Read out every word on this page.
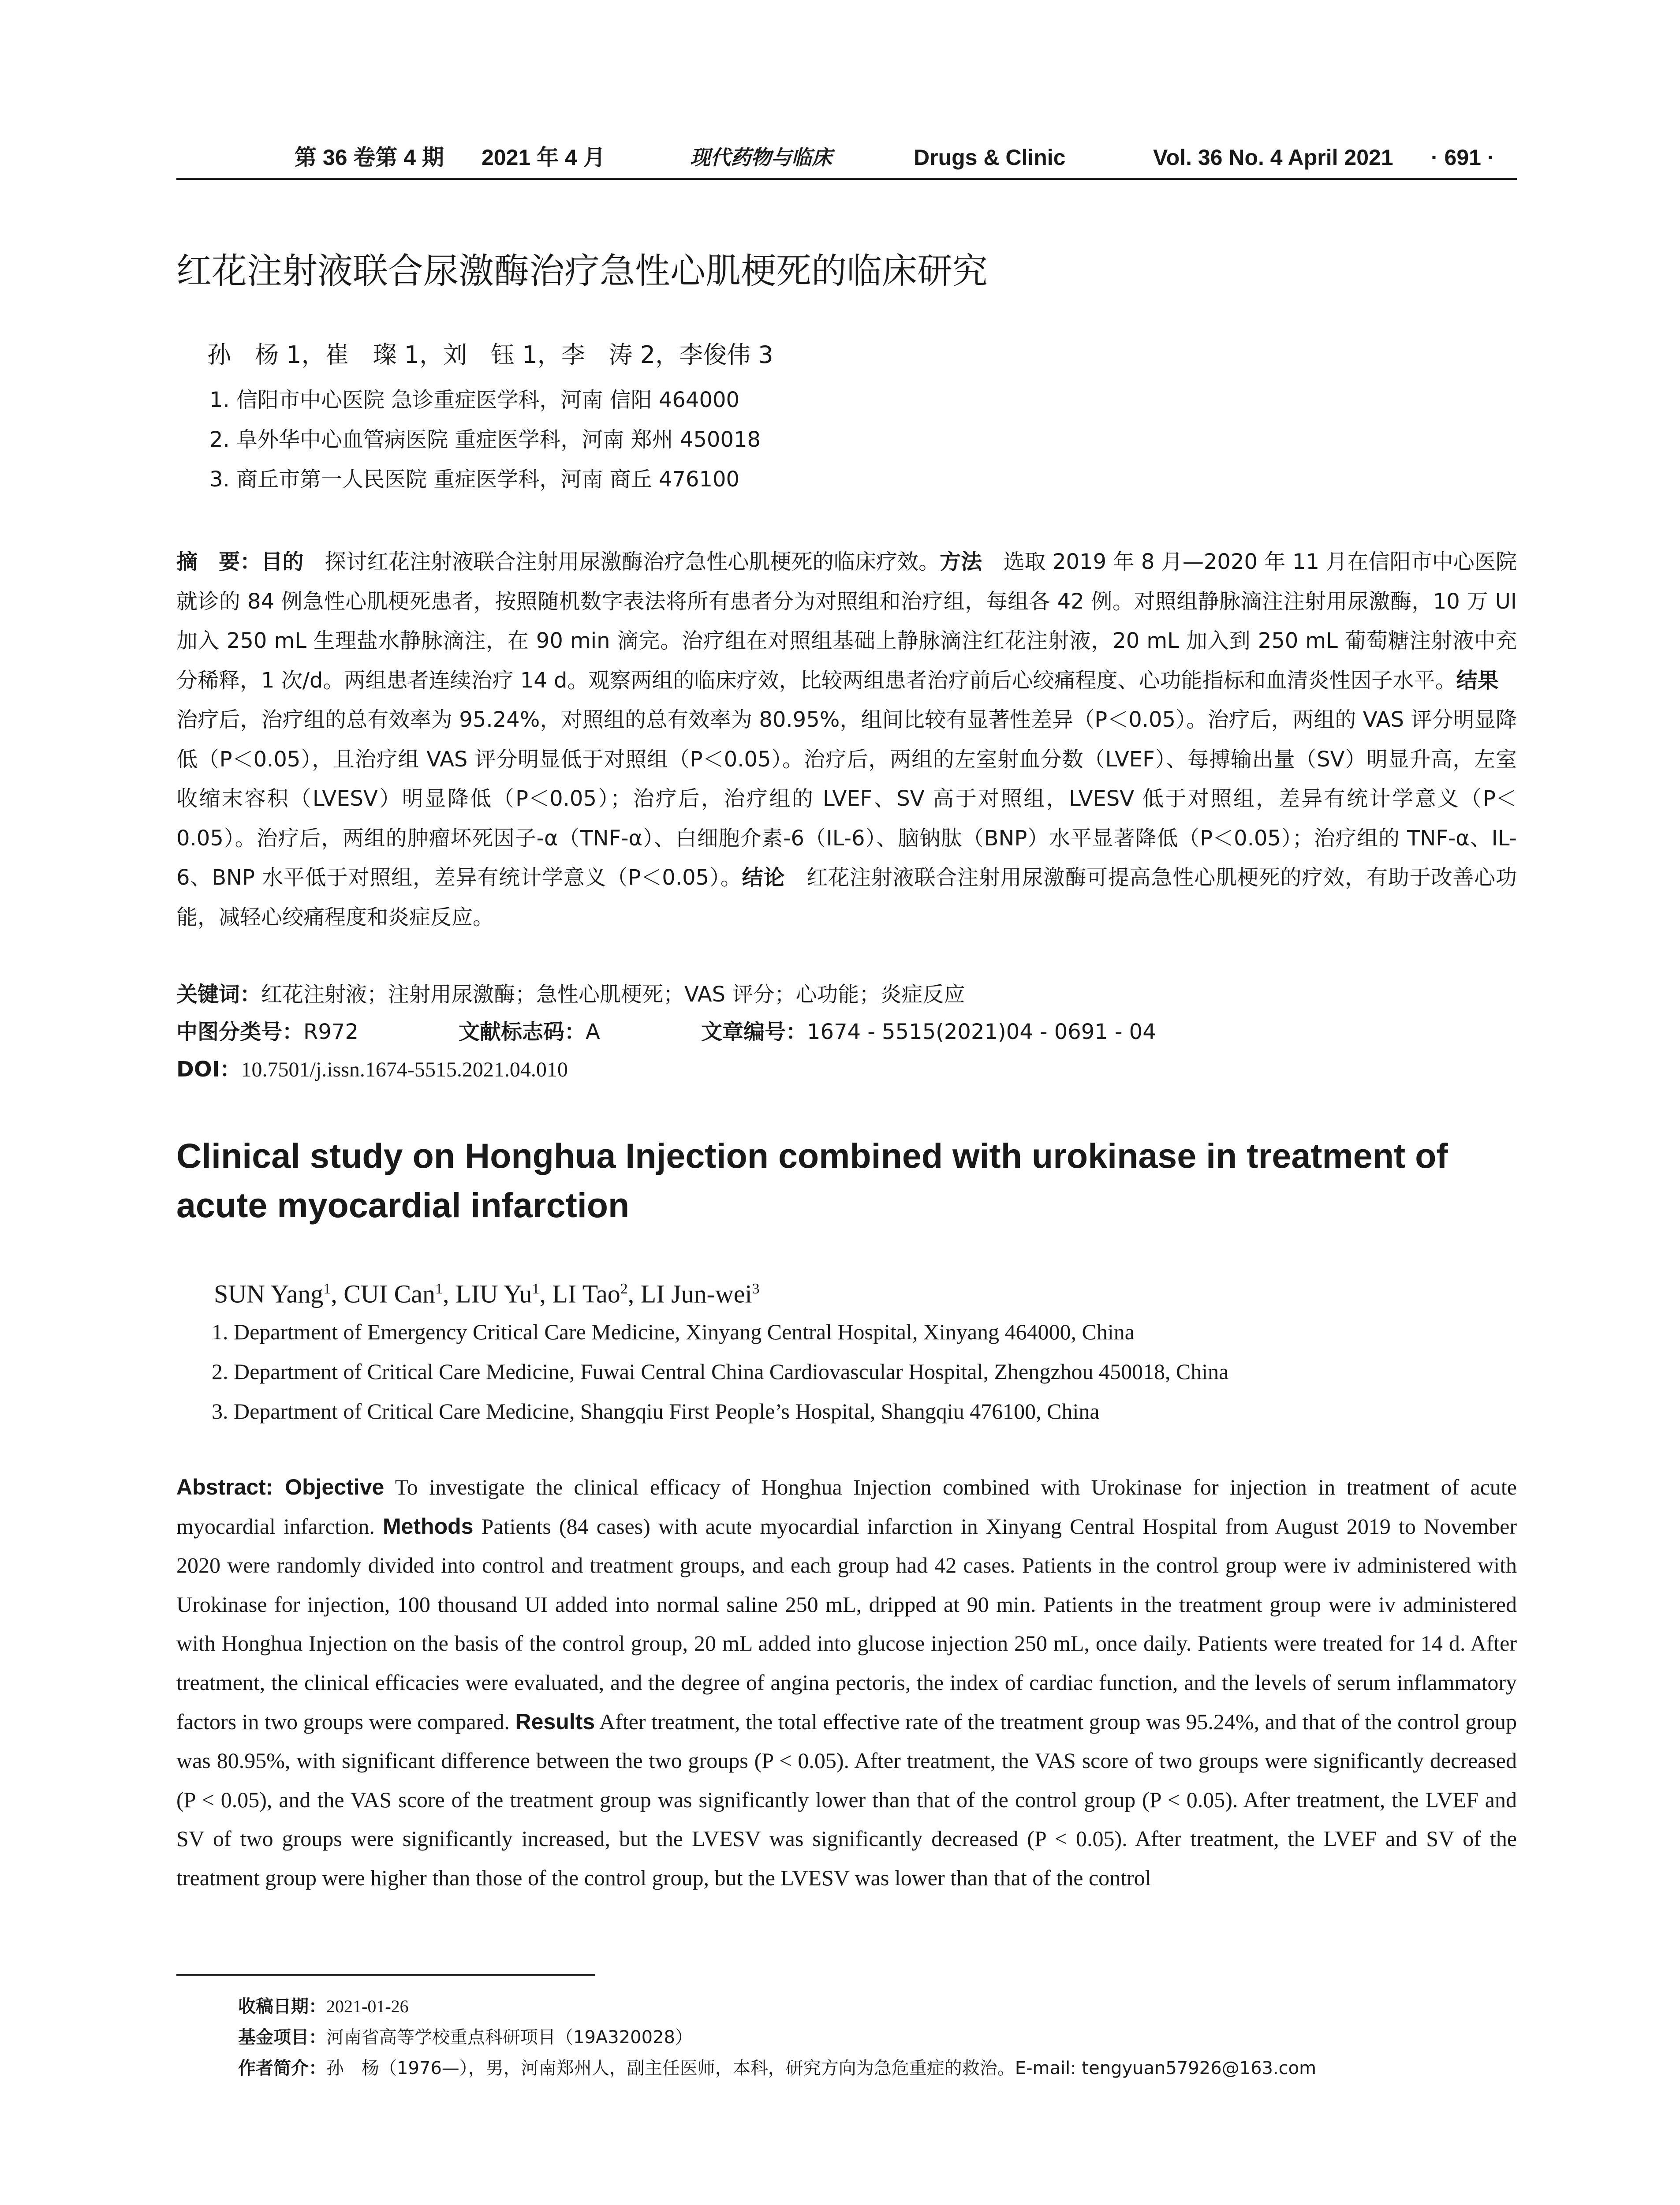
第 36 卷第 4 期 2021 年 4 月	现代药物与临床	Drugs & Clinic	Vol. 36 No. 4 April 2021 · 691 ·
红花注射液联合尿激酶治疗急性心肌梗死的临床研究
孙　杨 1，崔　璨 1，刘　钰 1，李　涛 2，李俊伟 3
1. 信阳市中心医院 急诊重症医学科，河南 信阳 464000
2. 阜外华中心血管病医院 重症医学科，河南 郑州 450018
3. 商丘市第一人民医院 重症医学科，河南 商丘 476100
摘　要：目的　探讨红花注射液联合注射用尿激酶治疗急性心肌梗死的临床疗效。方法　选取 2019 年 8 月—2020 年 11 月在信阳市中心医院就诊的 84 例急性心肌梗死患者，按照随机数字表法将所有患者分为对照组和治疗组，每组各 42 例。对照组静脉滴注注射用尿激酶，10 万 UI 加入 250 mL 生理盐水静脉滴注，在 90 min 滴完。治疗组在对照组基础上静脉滴注红花注射液，20 mL 加入到 250 mL 葡萄糖注射液中充分稀释，1 次/d。两组患者连续治疗 14 d。观察两组的临床疗效，比较两组患者治疗前后心绞痛程度、心功能指标和血清炎性因子水平。结果　治疗后，治疗组的总有效率为 95.24%，对照组的总有效率为 80.95%，组间比较有显著性差异（P＜0.05）。治疗后，两组的 VAS 评分明显降低（P＜0.05），且治疗组 VAS 评分明显低于对照组（P＜0.05）。治疗后，两组的左室射血分数（LVEF）、每搏输出量（SV）明显升高，左室收缩末容积（LVESV）明显降低（P＜0.05）；治疗后，治疗组的 LVEF、SV 高于对照组，LVESV 低于对照组，差异有统计学意义（P＜0.05）。治疗后，两组的肿瘤坏死因子-α（TNF-α）、白细胞介素-6（IL-6）、脑钠肽（BNP）水平显著降低（P＜0.05）；治疗组的 TNF-α、IL-6、BNP 水平低于对照组，差异有统计学意义（P＜0.05）。结论　红花注射液联合注射用尿激酶可提高急性心肌梗死的疗效，有助于改善心功能，减轻心绞痛程度和炎症反应。
关键词：红花注射液；注射用尿激酶；急性心肌梗死；VAS 评分；心功能；炎症反应
中图分类号：R972	文献标志码：A	文章编号：1674 - 5515(2021)04 - 0691 - 04
DOI：10.7501/j.issn.1674-5515.2021.04.010
Clinical study on Honghua Injection combined with urokinase in treatment of acute myocardial infarction
SUN Yang$^1$, CUI Can$^1$, LIU Yu$^1$, LI Tao$^2$, LI Jun-wei$^3$
1. Department of Emergency Critical Care Medicine, Xinyang Central Hospital, Xinyang 464000, China
2. Department of Critical Care Medicine, Fuwai Central China Cardiovascular Hospital, Zhengzhou 450018, China
3. Department of Critical Care Medicine, Shangqiu First People’s Hospital, Shangqiu 476100, China
Abstract: Objective To investigate the clinical efficacy of Honghua Injection combined with Urokinase for injection in treatment of acute myocardial infarction. Methods Patients (84 cases) with acute myocardial infarction in Xinyang Central Hospital from August 2019 to November 2020 were randomly divided into control and treatment groups, and each group had 42 cases. Patients in the control group were iv administered with Urokinase for injection, 100 thousand UI added into normal saline 250 mL, dripped at 90 min. Patients in the treatment group were iv administered with Honghua Injection on the basis of the control group, 20 mL added into glucose injection 250 mL, once daily. Patients were treated for 14 d. After treatment, the clinical efficacies were evaluated, and the degree of angina pectoris, the index of cardiac function, and the levels of serum inflammatory factors in two groups were compared. Results After treatment, the total effective rate of the treatment group was 95.24%, and that of the control group was 80.95%, with significant difference between the two groups (P < 0.05). After treatment, the VAS score of two groups were significantly decreased (P < 0.05), and the VAS score of the treatment group was significantly lower than that of the control group (P < 0.05). After treatment, the LVEF and SV of two groups were significantly increased, but the LVESV was significantly decreased (P < 0.05). After treatment, the LVEF and SV of the treatment group were higher than those of the control group, but the LVESV was lower than that of the control
收稿日期：2021-01-26
基金项目：河南省高等学校重点科研项目（19A320028）
作者简介：孙　杨（1976—），男，河南郑州人，副主任医师，本科，研究方向为急危重症的救治。E-mail: tengyuan57926@163.com
